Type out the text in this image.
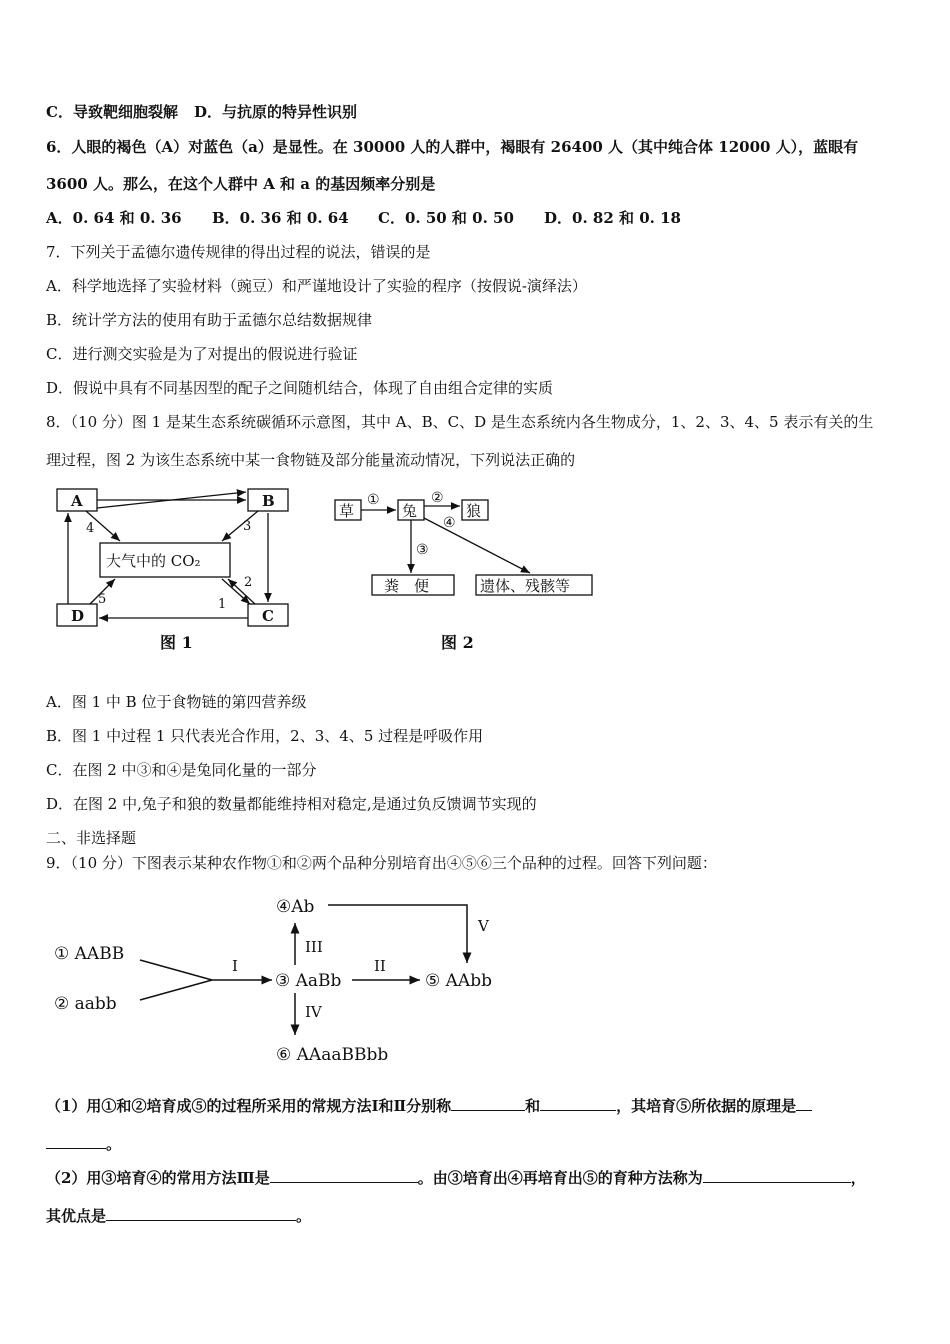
C．导致靶细胞裂解 D．与抗原的特异性识别
6．人眼的褐色（A）对蓝色（a）是显性。在 30000 人的人群中，褐眼有 26400 人（其中纯合体 12000 人），蓝眼有
3600 人。那么，在这个人群中 A 和 a 的基因频率分别是
A．0. 64 和 0. 36 B．0. 36 和 0. 64 C．0. 50 和 0. 50 D．0. 82 和 0. 18
7．下列关于孟德尔遗传规律的得出过程的说法，错误的是
A．科学地选择了实验材料（豌豆）和严谨地设计了实验的程序（按假说-演绎法）
B．统计学方法的使用有助于孟德尔总结数据规律
C．进行测交实验是为了对提出的假说进行验证
D．假说中具有不同基因型的配子之间随机结合，体现了自由组合定律的实质
8．（10 分）图 1 是某生态系统碳循环示意图，其中 A、B、C、D 是生态系统内各生物成分，1、2、3、4、5 表示有关的生
理过程，图 2 为该生态系统中某一食物链及部分能量流动情况，下列说法正确的
A	B
C
D
大气中的 CO₂
1
2
3
4
5
图 1
草	兔	狼
粪　便	遗体、残骸等
①	②
③
④
图 2
A．图 1 中 B 位于食物链的第四营养级
B．图 1 中过程 1 只代表光合作用，2、3、4、5 过程是呼吸作用
C．在图 2 中③和④是兔同化量的一部分
D．在图 2 中,兔子和狼的数量都能维持相对稳定,是通过负反馈调节实现的
二、非选择题
9．（10 分）下图表示某种农作物①和②两个品种分别培育出④⑤⑥三个品种的过程。回答下列问题：
① AABB
② aabb
③ AaBb
④Ab
⑤ AAbb
⑥ AAaaBBbb
I	II
III
IV
V
（1）用①和②培育成⑤的过程所采用的常规方法Ⅰ和Ⅱ分别称	和	，其培育⑤所依据的原理是
。
（2）用③培育④的常用方法Ⅲ是	。由③培育出④再培育出⑤的育种方法称为	，
其优点是	。
